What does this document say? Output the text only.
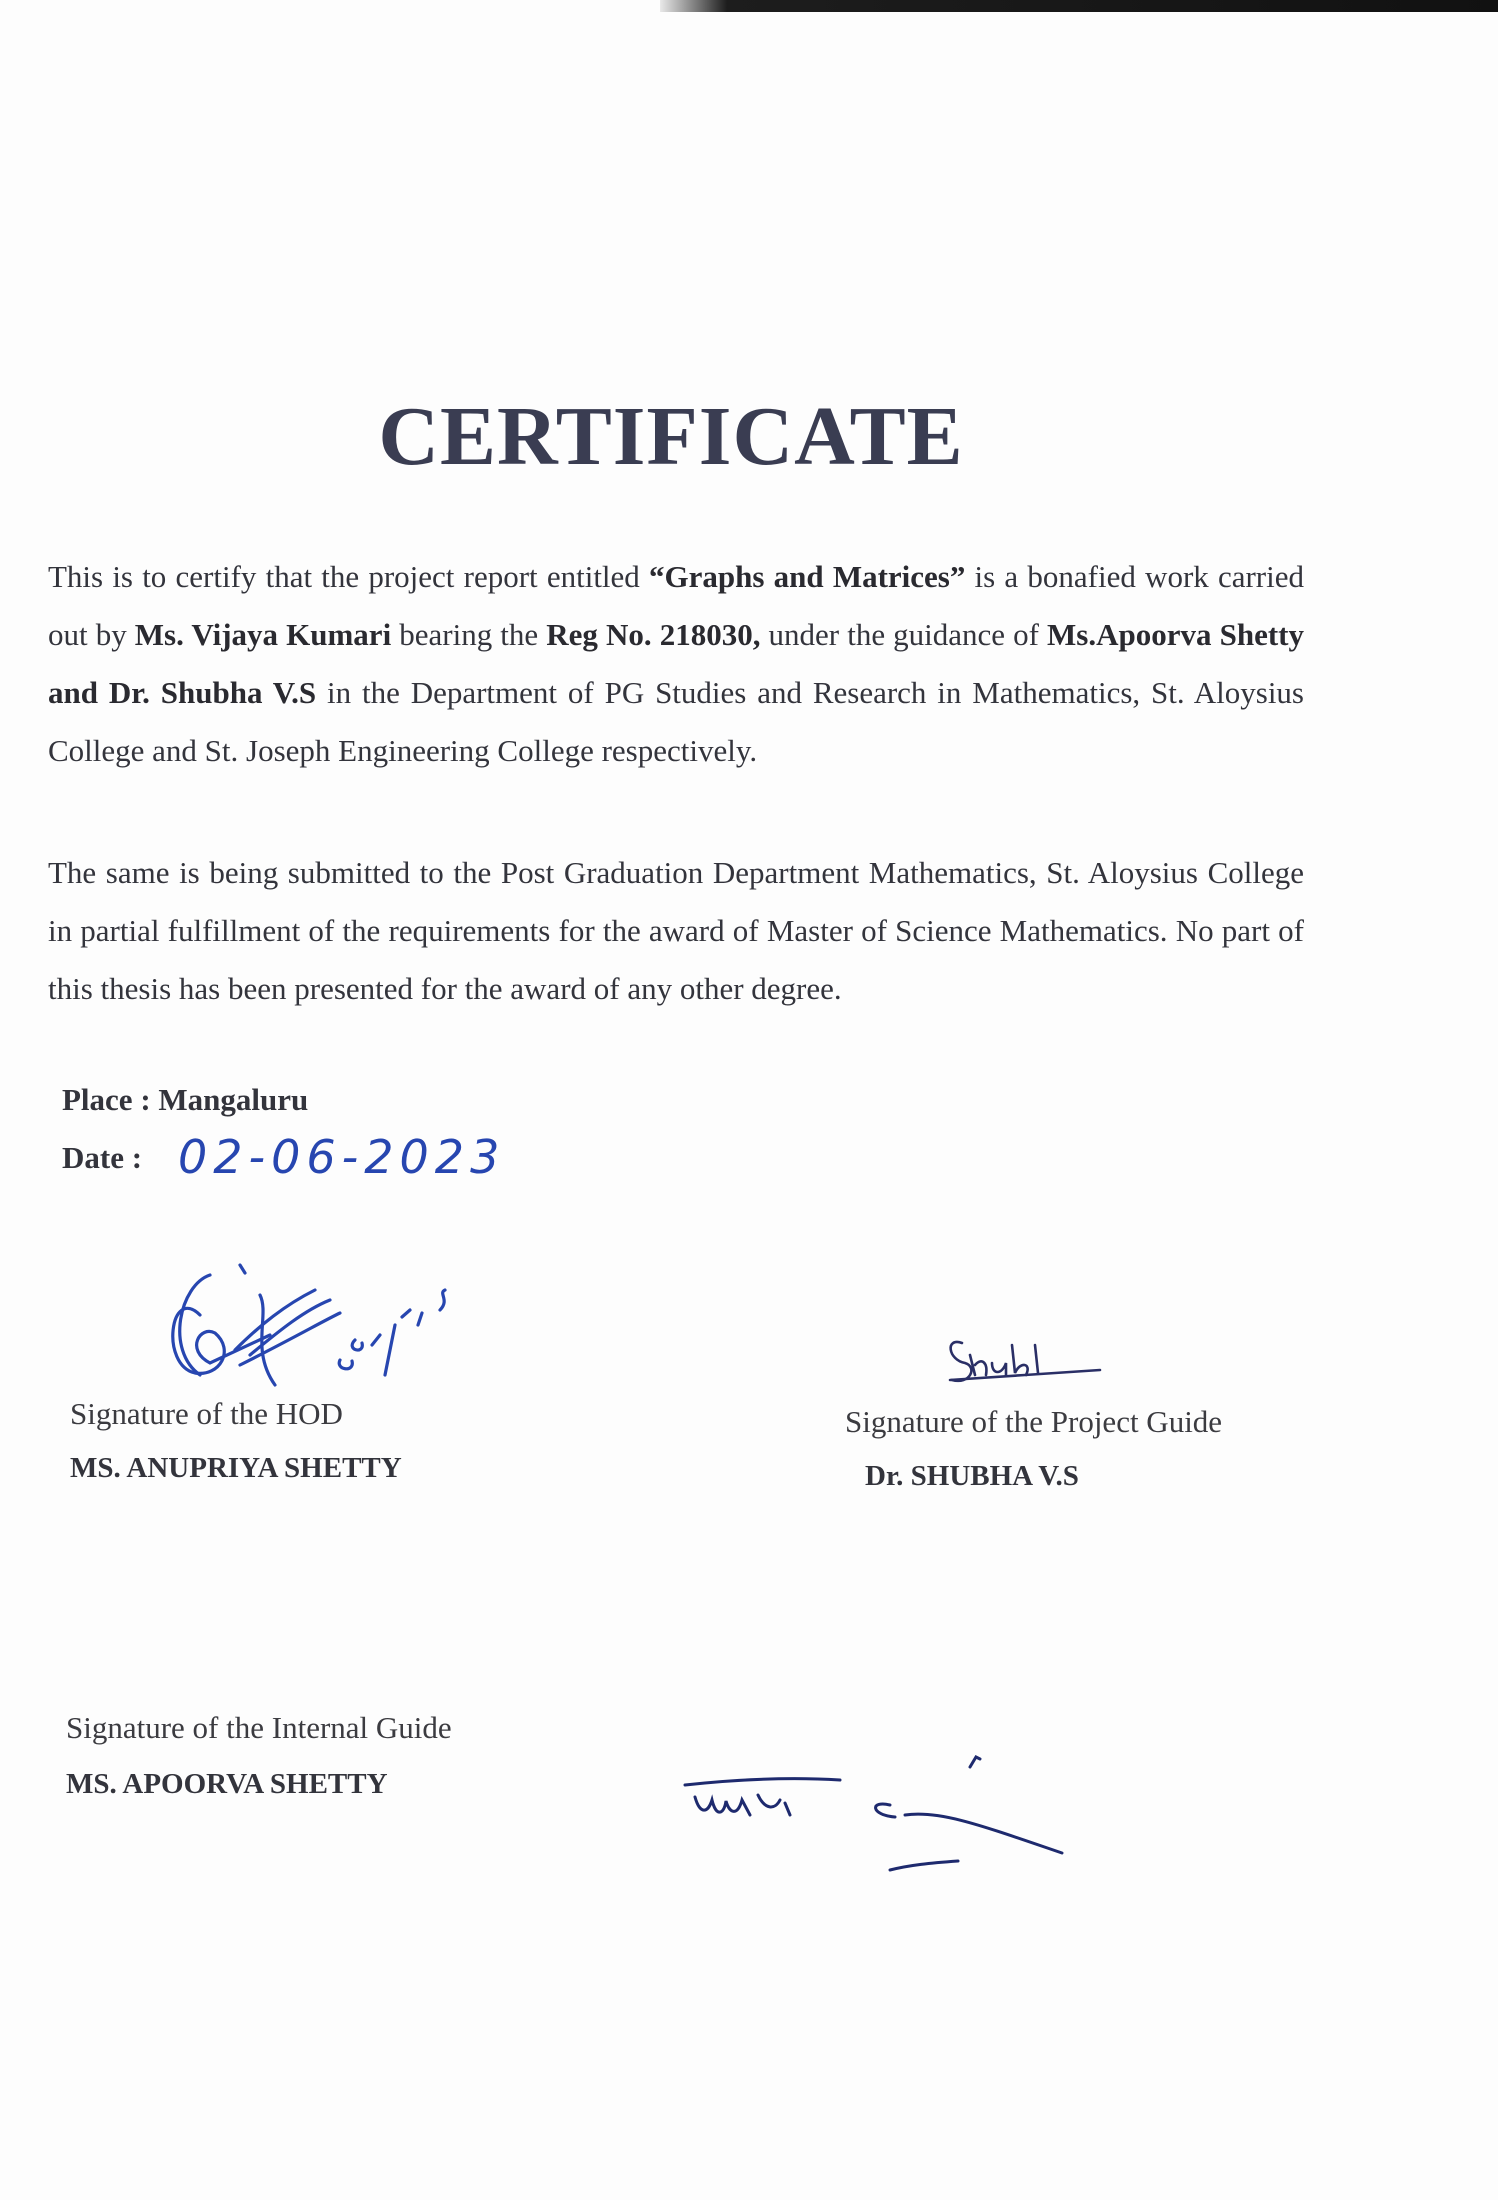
CERTIFICATE

This is to certify that the project report entitled “Graphs and Matrices” is a bonafied work carried out by Ms. Vijaya Kumari bearing the Reg No. 218030, under the guidance of Ms.Apoorva Shetty and Dr. Shubha V.S in the Department of PG Studies and Research in Mathematics, St. Aloysius College and St. Joseph Engineering College respectively.

The same is being submitted to the Post Graduation Department Mathematics, St. Aloysius College in partial fulfillment of the requirements for the award of Master of Science Mathematics. No part of this thesis has been presented for the award of any other degree.

Place : Mangaluru
Date : 02-06-2023
Signature of the HOD
MS. ANUPRIYA SHETTY
Signature of the Project Guide
Dr. SHUBHA V.S
Signature of the Internal Guide
MS. APOORVA SHETTY
